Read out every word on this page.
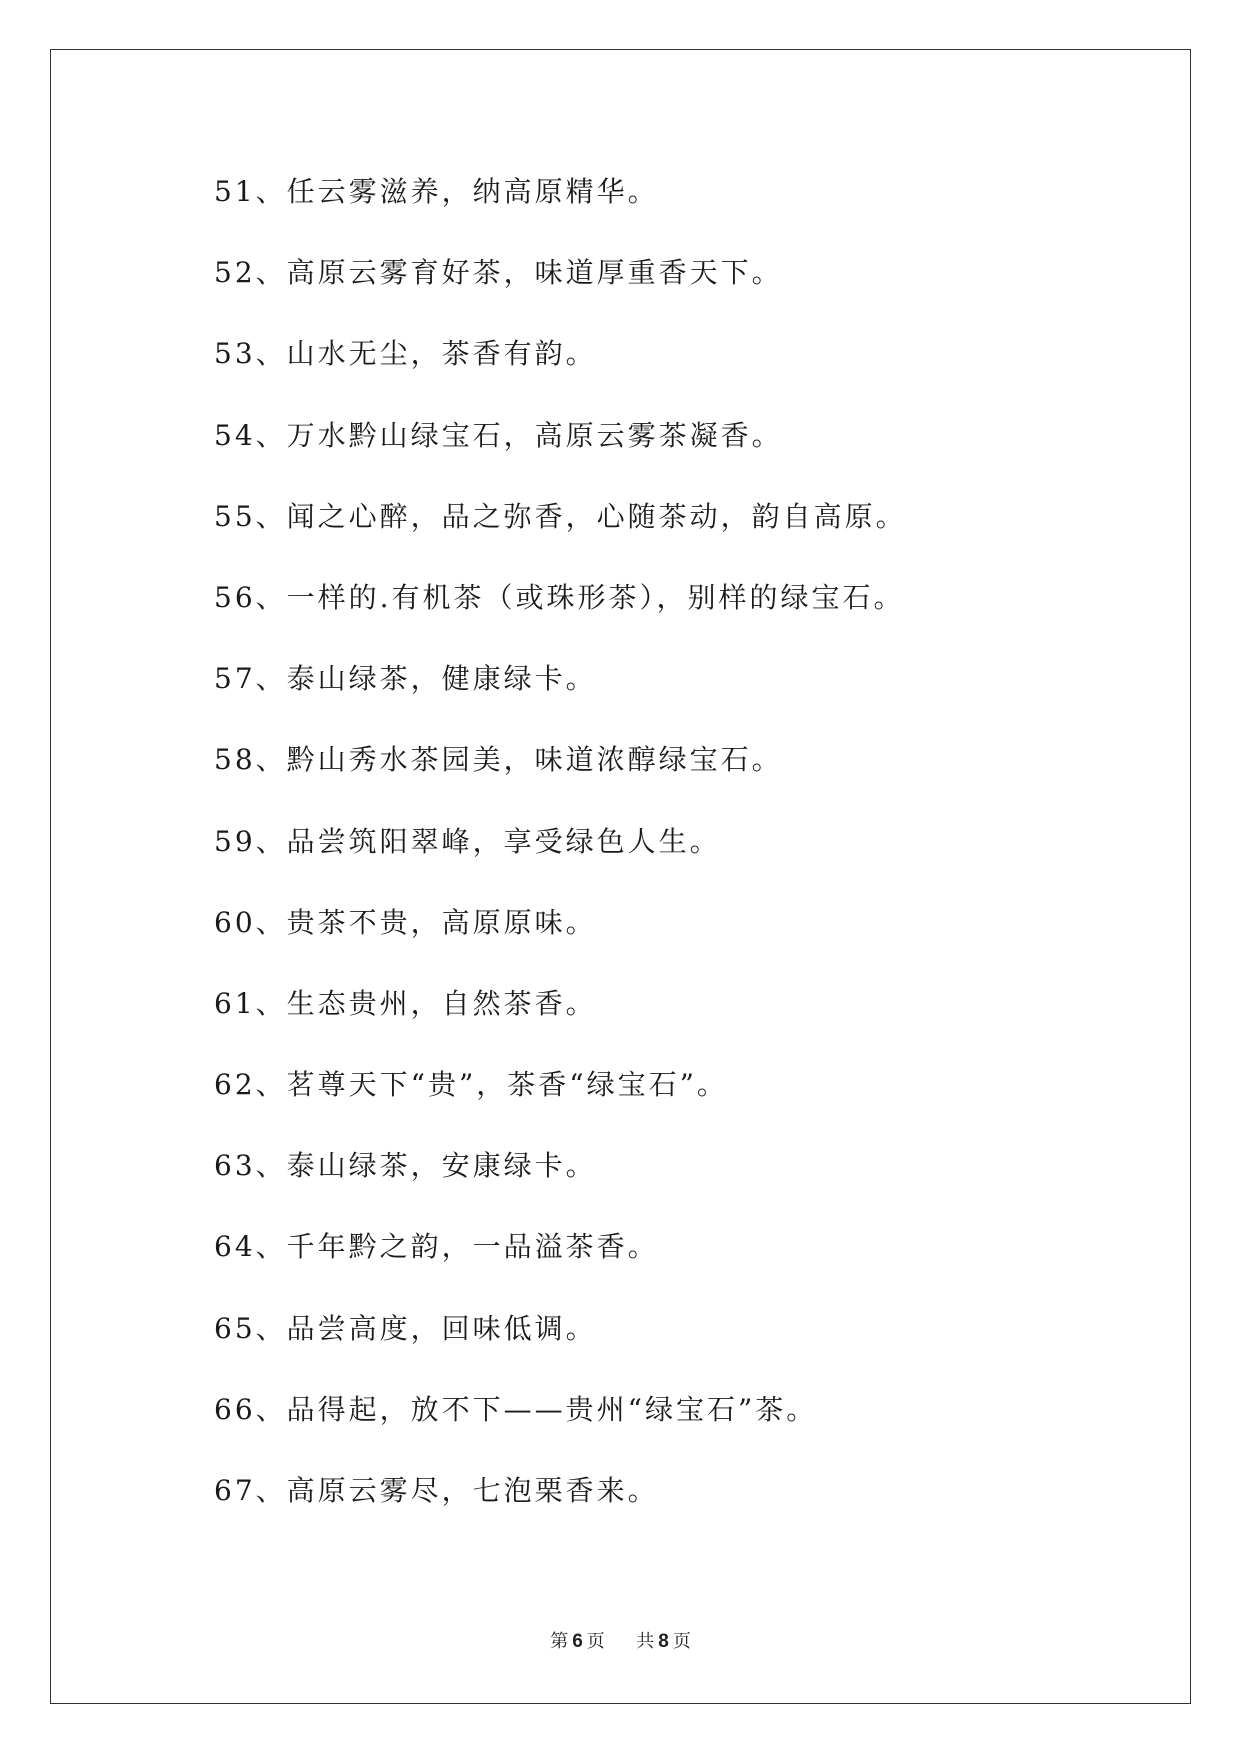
51、任云雾滋养，纳高原精华。
52、高原云雾育好茶，味道厚重香天下。
53、山水无尘，茶香有韵。
54、万水黔山绿宝石，高原云雾茶凝香。
55、闻之心醉，品之弥香，心随茶动，韵自高原。
56、一样的.有机茶（或珠形茶），别样的绿宝石。
57、泰山绿茶，健康绿卡。
58、黔山秀水茶园美，味道浓醇绿宝石。
59、品尝筑阳翠峰，享受绿色人生。
60、贵茶不贵，高原原味。
61、生态贵州，自然茶香。
62、茗尊天下“贵”，茶香“绿宝石”。
63、泰山绿茶，安康绿卡。
64、千年黔之韵，一品溢茶香。
65、品尝高度，回味低调。
66、品得起，放不下——贵州“绿宝石”茶。
67、高原云雾尽，七泡栗香来。
第 6 页 共 8 页
